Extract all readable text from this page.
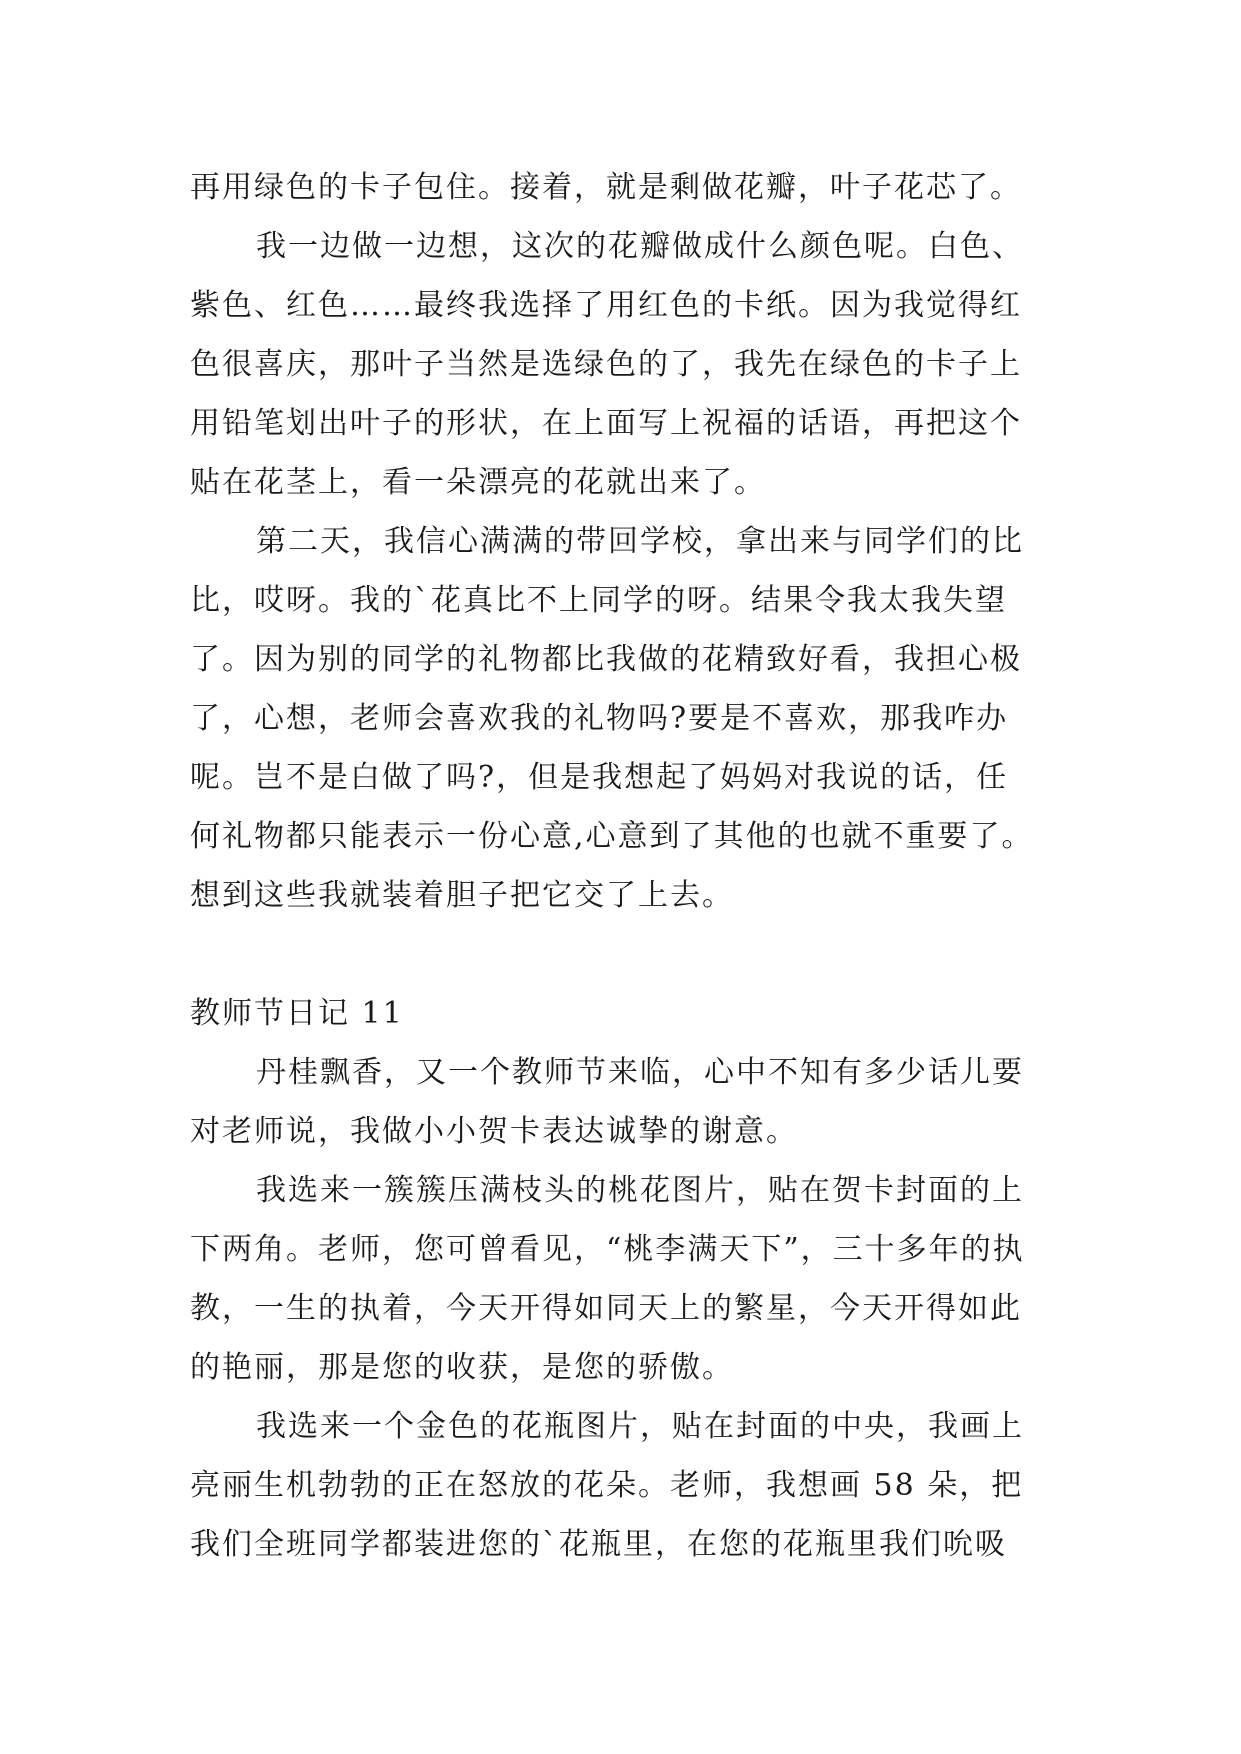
再用绿色的卡子包住。接着，就是剩做花瓣，叶子花芯了。
我一边做一边想，这次的花瓣做成什么颜色呢。白色、
紫色、红色……最终我选择了用红色的卡纸。因为我觉得红
色很喜庆，那叶子当然是选绿色的了，我先在绿色的卡子上
用铅笔划出叶子的形状，在上面写上祝福的话语，再把这个
贴在花茎上，看一朵漂亮的花就出来了。
第二天，我信心满满的带回学校，拿出来与同学们的比
比，哎呀。我的`花真比不上同学的呀。结果令我太我失望
了。因为别的同学的礼物都比我做的花精致好看，我担心极
了，心想，老师会喜欢我的礼物吗?要是不喜欢，那我咋办
呢。岂不是白做了吗?，但是我想起了妈妈对我说的话，任
何礼物都只能表示一份心意,心意到了其他的也就不重要了。
想到这些我就装着胆子把它交了上去。
教师节日记 11
丹桂飘香，又一个教师节来临，心中不知有多少话儿要
对老师说，我做小小贺卡表达诚挚的谢意。
我选来一簇簇压满枝头的桃花图片，贴在贺卡封面的上
下两角。老师，您可曾看见，“桃李满天下”，三十多年的执
教，一生的执着，今天开得如同天上的繁星，今天开得如此
的艳丽，那是您的收获，是您的骄傲。
我选来一个金色的花瓶图片，贴在封面的中央，我画上
亮丽生机勃勃的正在怒放的花朵。老师，我想画 58 朵，把
我们全班同学都装进您的`花瓶里，在您的花瓶里我们吮吸
